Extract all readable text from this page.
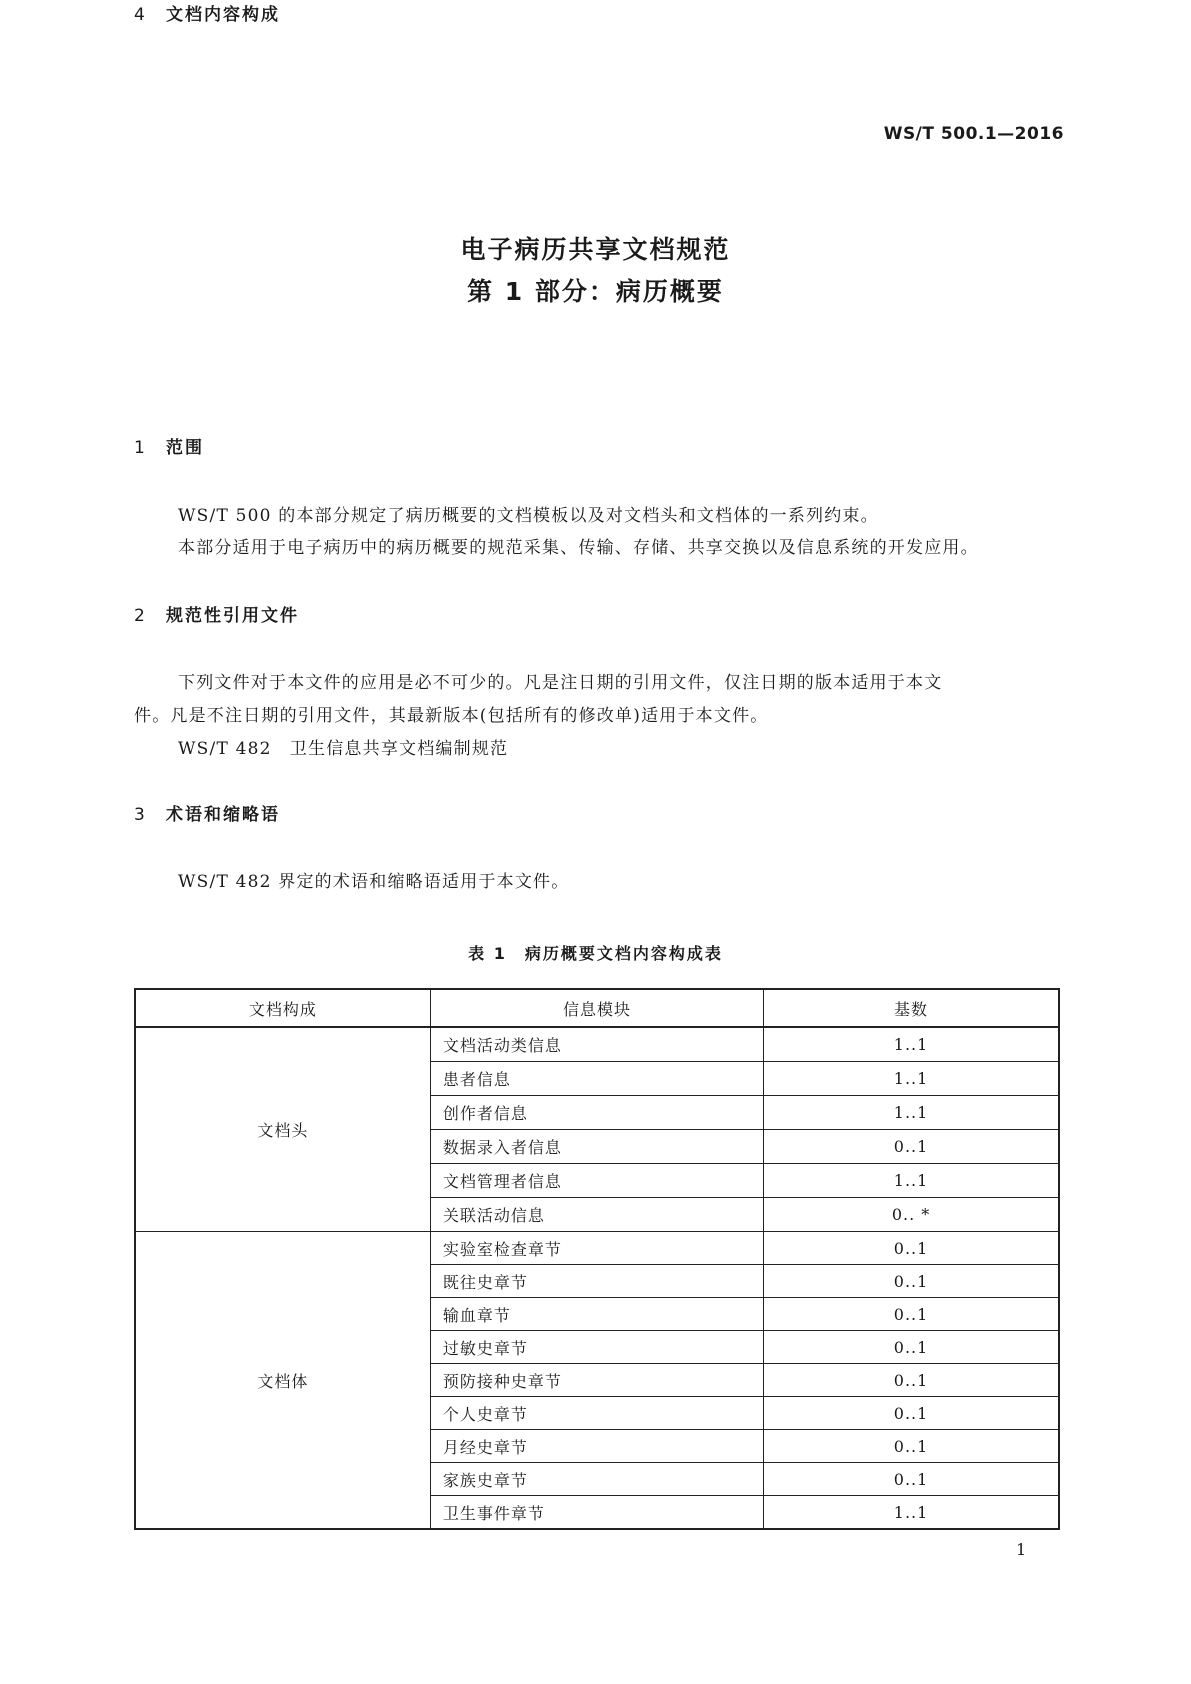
WS/T 500.1—2016
电子病历共享文档规范
第 1 部分：病历概要
1 范围
WS/T 500 的本部分规定了病历概要的文档模板以及对文档头和文档体的一系列约束。
本部分适用于电子病历中的病历概要的规范采集、传输、存储、共享交换以及信息系统的开发应用。
2 规范性引用文件
下列文件对于本文件的应用是必不可少的。凡是注日期的引用文件，仅注日期的版本适用于本文
件。凡是不注日期的引用文件，其最新版本(包括所有的修改单)适用于本文件。
WS/T 482　卫生信息共享文档编制规范
3 术语和缩略语
WS/T 482 界定的术语和缩略语适用于本文件。
表 1　病历概要文档内容构成表
文档构成	信息模块	基数
文档头	文档活动类信息	1..1
	患者信息	1..1
	创作者信息	1..1
	数据录入者信息	0..1
	文档管理者信息	1..1
	关联活动信息	0.. *
文档体	实验室检查章节	0..1
	既往史章节	0..1
	输血章节	0..1
	过敏史章节	0..1
	预防接种史章节	0..1
	个人史章节	0..1
	月经史章节	0..1
	家族史章节	0..1
	卫生事件章节	1..1
1
4 文档内容构成
